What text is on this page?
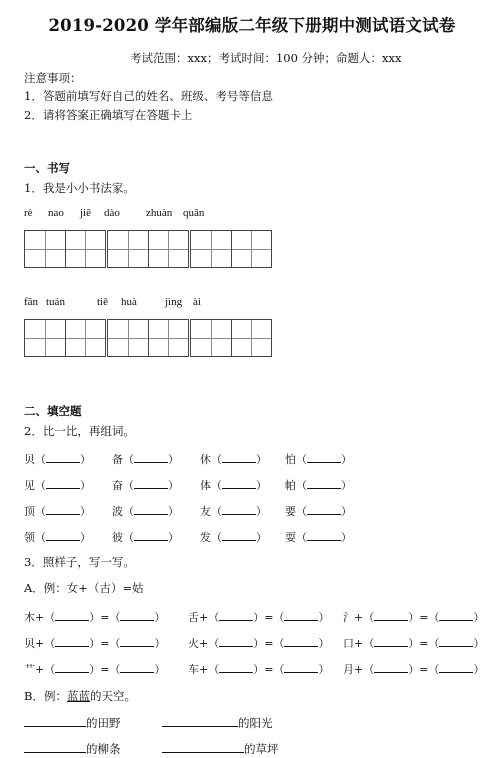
2019-2020 学年部编版二年级下册期中测试语文试卷
考试范围：xxx；考试时间：100 分钟；命题人：xxx
注意事项：
1．答题前填写好自己的姓名、班级、考号等信息
2．请将答案正确填写在答题卡上
一、书写
1．我是小小书法家。
rè nao jiē dào zhuàn quān
fān tuán	tiě huà	jìng ài
二、填空题
2．比一比，再组词。
贝（	） 备（	） 休（	） 怕（	）
见（	） 奋（	） 体（	） 帕（	）
顶（	） 波（	） 友（	） 要（	）
领（	） 彼（	） 发（	） 耍（	）
3．照样子，写一写。
A．例：女+（古）=姑
木+（	）=（	） 舌+（	）=（	） 氵+（	）=（	）
贝+（	）=（	） 火+（	）=（	） 口+（	）=（	）
艹+（	）=（	） 车+（	）=（	） 月+（	）=（	）
B．例：蓝蓝的天空。
的田野	的阳光
的柳条	的草坪
